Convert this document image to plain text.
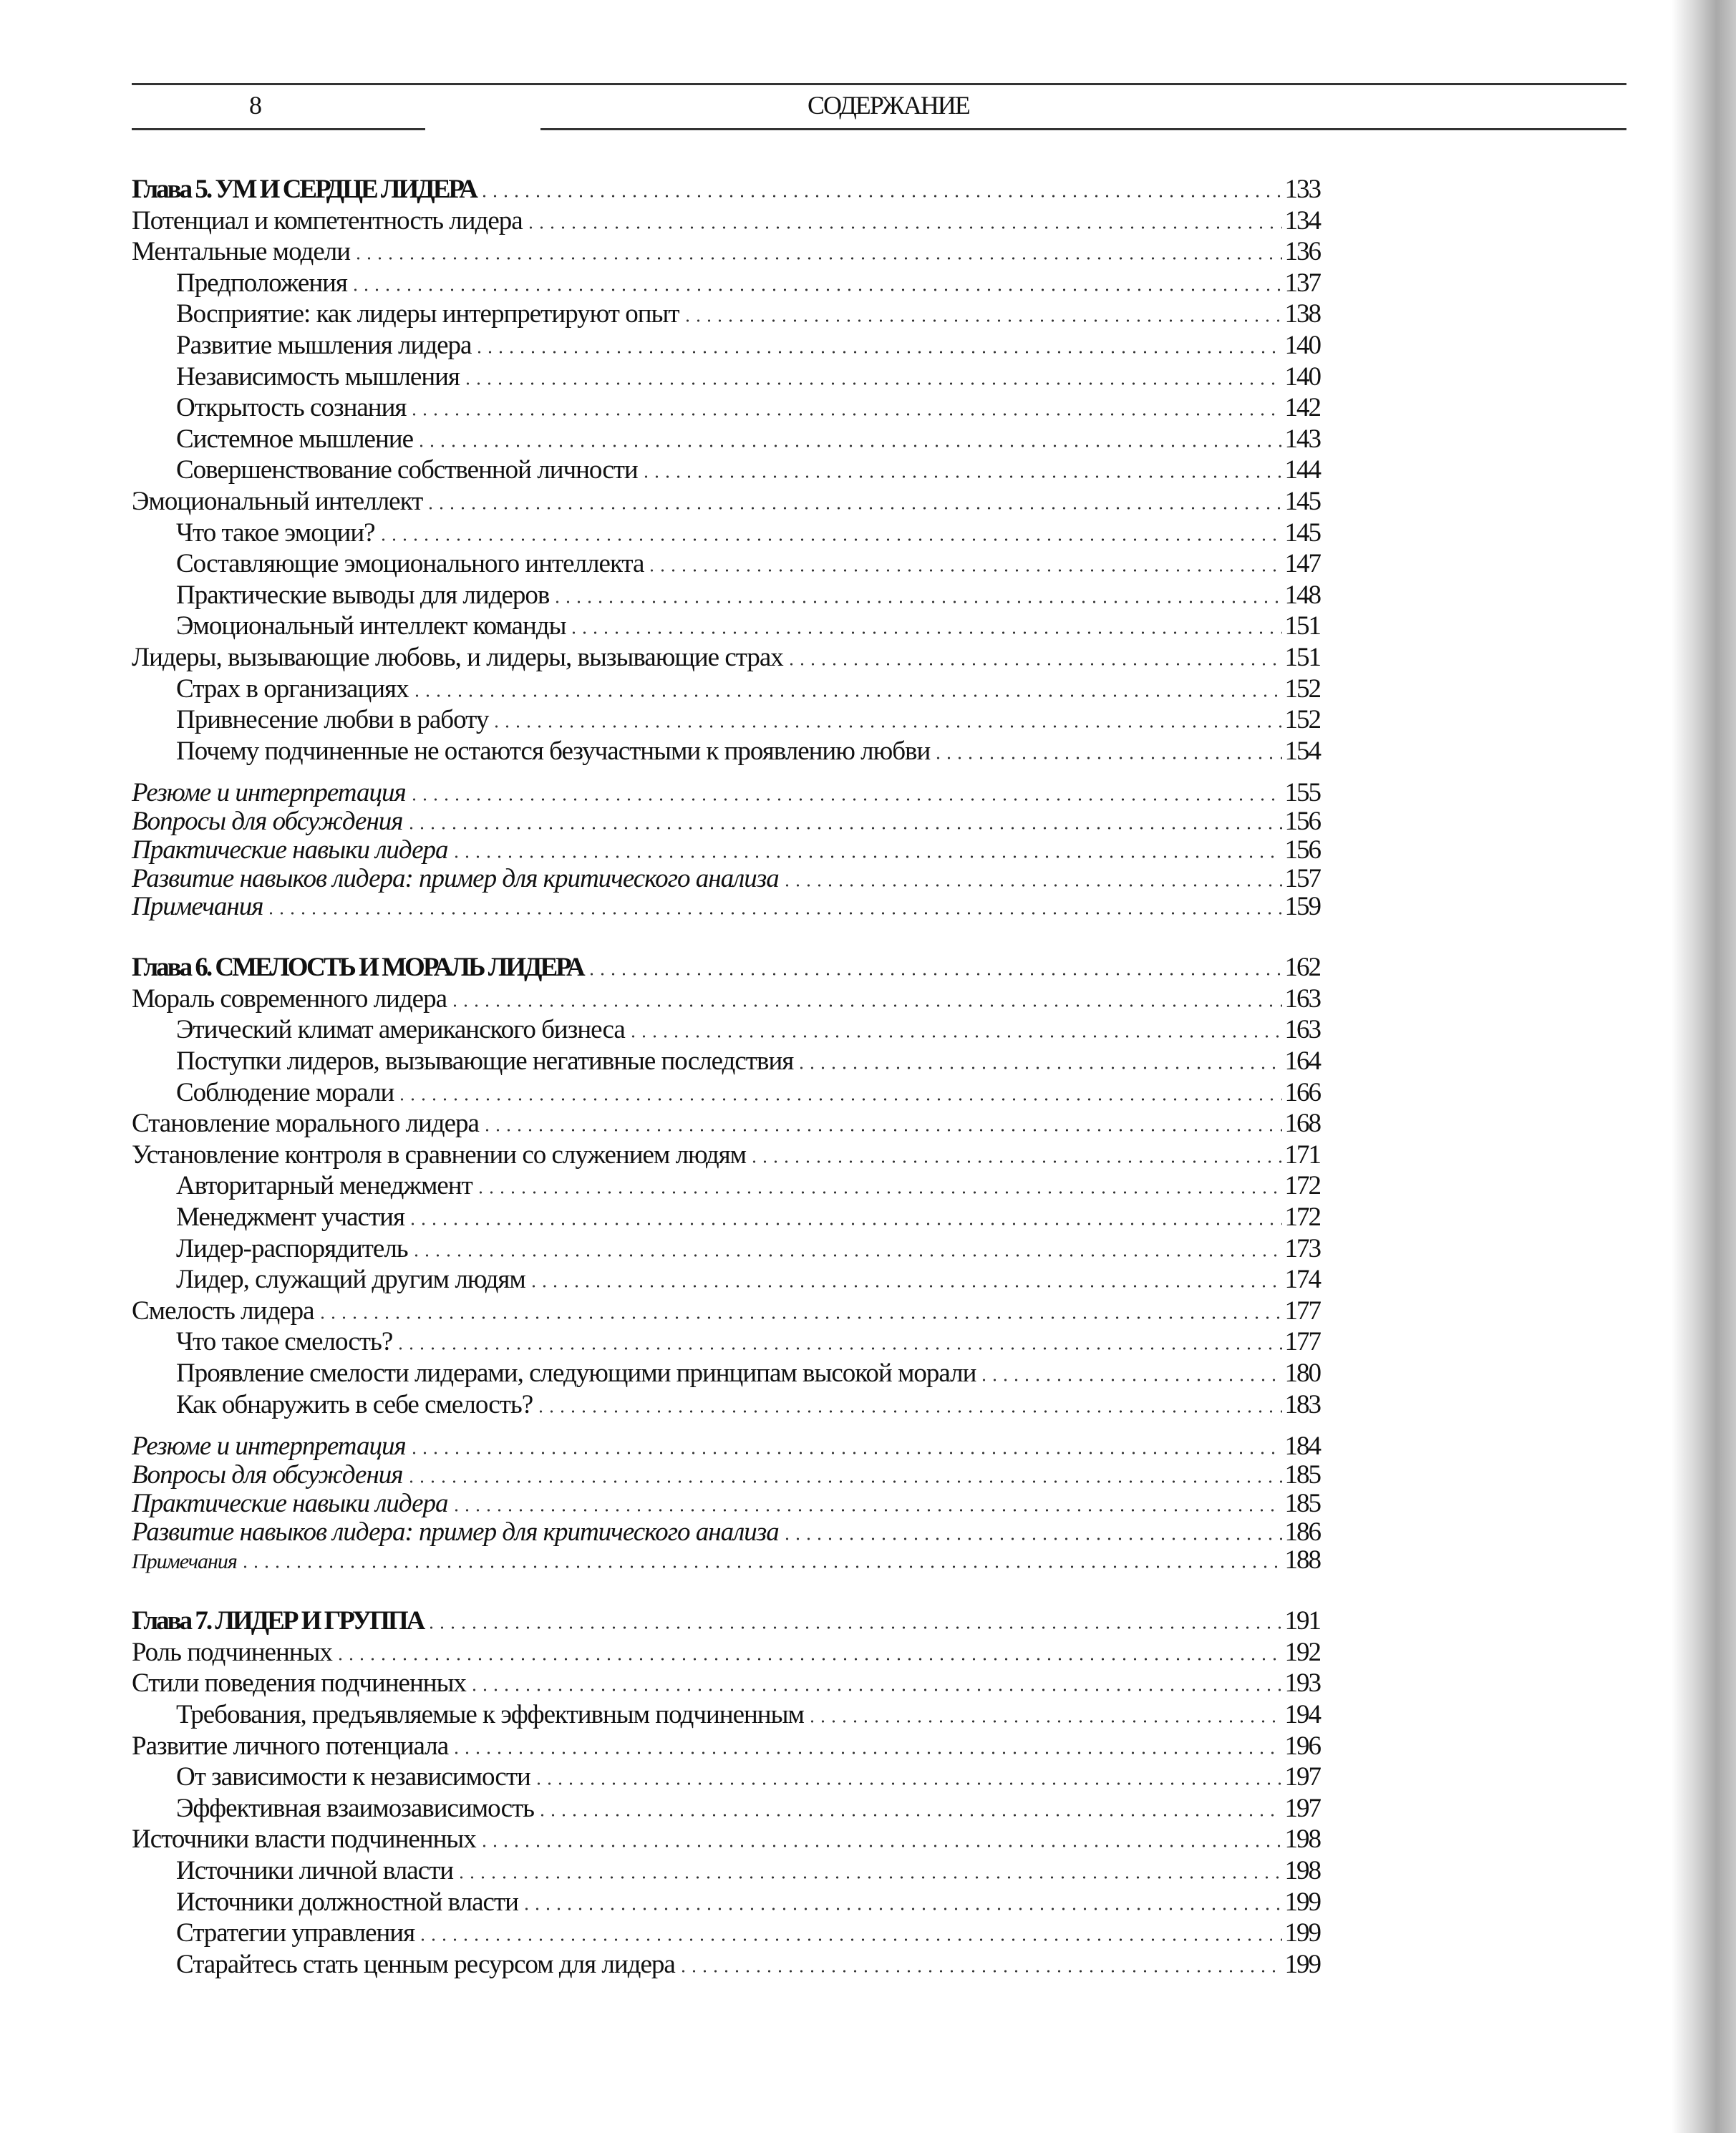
8	СОДЕРЖАНИЕ
Глава 5. УМ И СЕРДЦЕ ЛИДЕРА	133
Потенциал и компетентность лидера	134
Ментальные модели	136
Предположения	137
Восприятие: как лидеры интерпретируют опыт	138
Развитие мышления лидера	140
Независимость мышления	140
Открытость сознания	142
Системное мышление	143
Совершенствование собственной личности	144
Эмоциональный интеллект	145
Что такое эмоции?	145
Составляющие эмоционального интеллекта	147
Практические выводы для лидеров	148
Эмоциональный интеллект команды	151
Лидеры, вызывающие любовь, и лидеры, вызывающие страх	151
Страх в организациях	152
Привнесение любви в работу	152
Почему подчиненные не остаются безучастными к проявлению любви	154
Резюме и интерпретация	155
Вопросы для обсуждения	156
Практические навыки лидера	156
Развитие навыков лидера: пример для критического анализа	157
Примечания	159
Глава 6. СМЕЛОСТЬ И МОРАЛЬ ЛИДЕРА	162
Мораль современного лидера	163
Этический климат американского бизнеса	163
Поступки лидеров, вызывающие негативные последствия	164
Соблюдение морали	166
Становление морального лидера	168
Установление контроля в сравнении со служением людям	171
Авторитарный менеджмент	172
Менеджмент участия	172
Лидер-распорядитель	173
Лидер, служащий другим людям	174
Смелость лидера	177
Что такое смелость?	177
Проявление смелости лидерами, следующими принципам высокой морали	180
Как обнаружить в себе смелость?	183
Резюме и интерпретация	184
Вопросы для обсуждения	185
Практические навыки лидера	185
Развитие навыков лидера: пример для критического анализа	186
Примечания	188
Глава 7. ЛИДЕР И ГРУППА	191
Роль подчиненных	192
Стили поведения подчиненных	193
Требования, предъявляемые к эффективным подчиненным	194
Развитие личного потенциала	196
От зависимости к независимости	197
Эффективная взаимозависимость	197
Источники власти подчиненных	198
Источники личной власти	198
Источники должностной власти	199
Стратегии управления	199
Старайтесь стать ценным ресурсом для лидера	199
